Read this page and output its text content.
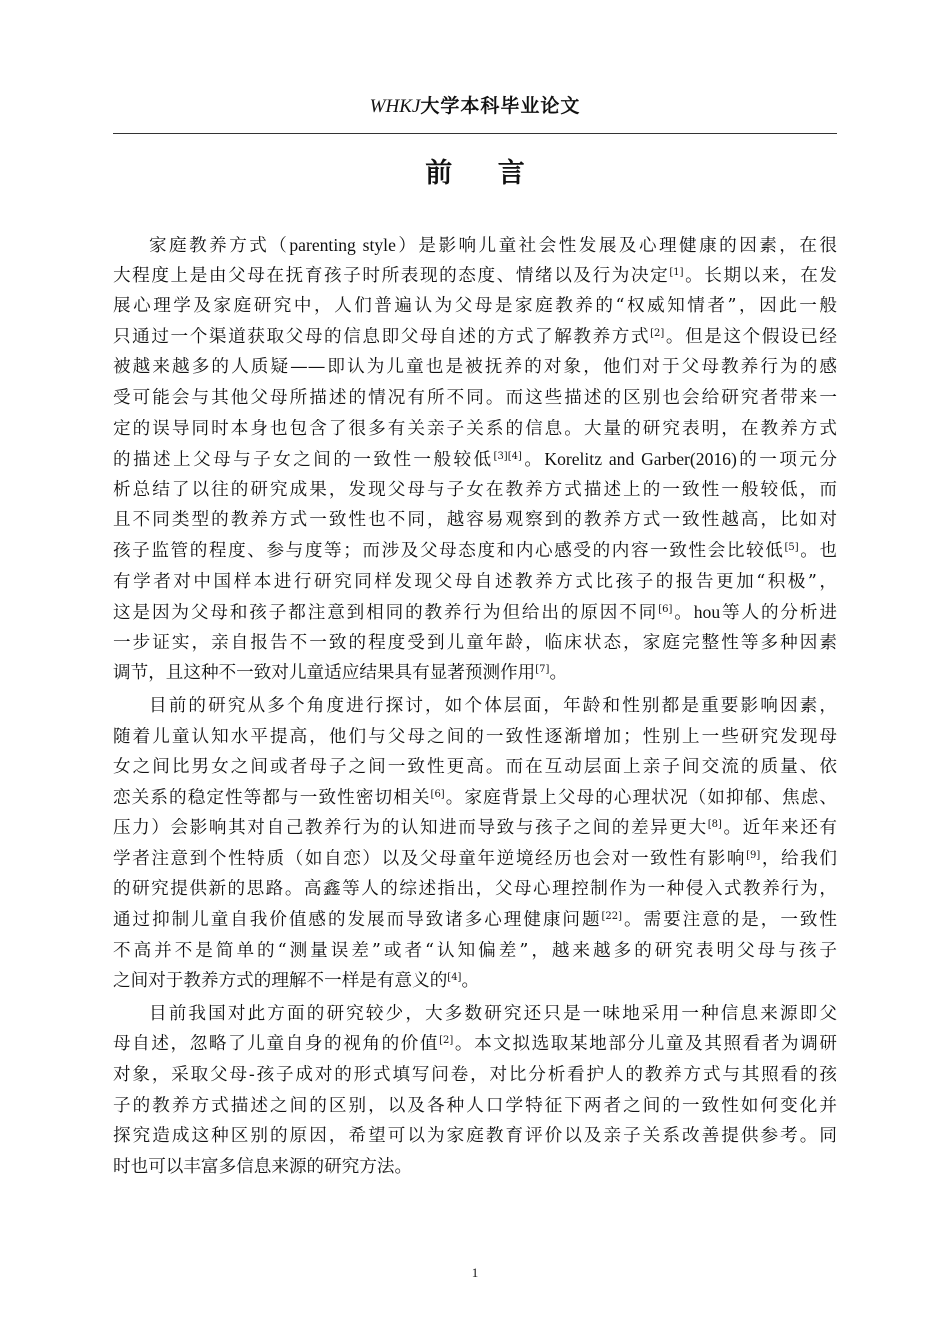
WHKJ大学本科毕业论文
前 言
家庭教养方式（parenting style）是影响儿童社会性发展及心理健康的因素，在很
大程度上是由父母在抚育孩子时所表现的态度、情绪以及行为决定[1]。长期以来，在发
展心理学及家庭研究中，人们普遍认为父母是家庭教养的“权威知情者”，因此一般
只通过一个渠道获取父母的信息即父母自述的方式了解教养方式[2]。但是这个假设已经
被越来越多的人质疑——即认为儿童也是被抚养的对象，他们对于父母教养行为的感
受可能会与其他父母所描述的情况有所不同。而这些描述的区别也会给研究者带来一
定的误导同时本身也包含了很多有关亲子关系的信息。大量的研究表明，在教养方式
的描述上父母与子女之间的一致性一般较低[3][4]。Korelitz and Garber(2016)的一项元分
析总结了以往的研究成果，发现父母与子女在教养方式描述上的一致性一般较低，而
且不同类型的教养方式一致性也不同，越容易观察到的教养方式一致性越高，比如对
孩子监管的程度、参与度等；而涉及父母态度和内心感受的内容一致性会比较低[5]。也
有学者对中国样本进行研究同样发现父母自述教养方式比孩子的报告更加“积极”，
这是因为父母和孩子都注意到相同的教养行为但给出的原因不同[6]。hou等人的分析进
一步证实，亲自报告不一致的程度受到儿童年龄，临床状态，家庭完整性等多种因素
调节，且这种不一致对儿童适应结果具有显著预测作用[7]。
目前的研究从多个角度进行探讨，如个体层面，年龄和性别都是重要影响因素，
随着儿童认知水平提高，他们与父母之间的一致性逐渐增加；性别上一些研究发现母
女之间比男女之间或者母子之间一致性更高。而在互动层面上亲子间交流的质量、依
恋关系的稳定性等都与一致性密切相关[6]。家庭背景上父母的心理状况（如抑郁、焦虑、
压力）会影响其对自己教养行为的认知进而导致与孩子之间的差异更大[8]。近年来还有
学者注意到个性特质（如自恋）以及父母童年逆境经历也会对一致性有影响[9]，给我们
的研究提供新的思路。高鑫等人的综述指出，父母心理控制作为一种侵入式教养行为，
通过抑制儿童自我价值感的发展而导致诸多心理健康问题[22]。需要注意的是，一致性
不高并不是简单的“测量误差”或者“认知偏差”，越来越多的研究表明父母与孩子
之间对于教养方式的理解不一样是有意义的[4]。
目前我国对此方面的研究较少，大多数研究还只是一味地采用一种信息来源即父
母自述，忽略了儿童自身的视角的价值[2]。本文拟选取某地部分儿童及其照看者为调研
对象，采取父母-孩子成对的形式填写问卷，对比分析看护人的教养方式与其照看的孩
子的教养方式描述之间的区别，以及各种人口学特征下两者之间的一致性如何变化并
探究造成这种区别的原因，希望可以为家庭教育评价以及亲子关系改善提供参考。同
时也可以丰富多信息来源的研究方法。
1
